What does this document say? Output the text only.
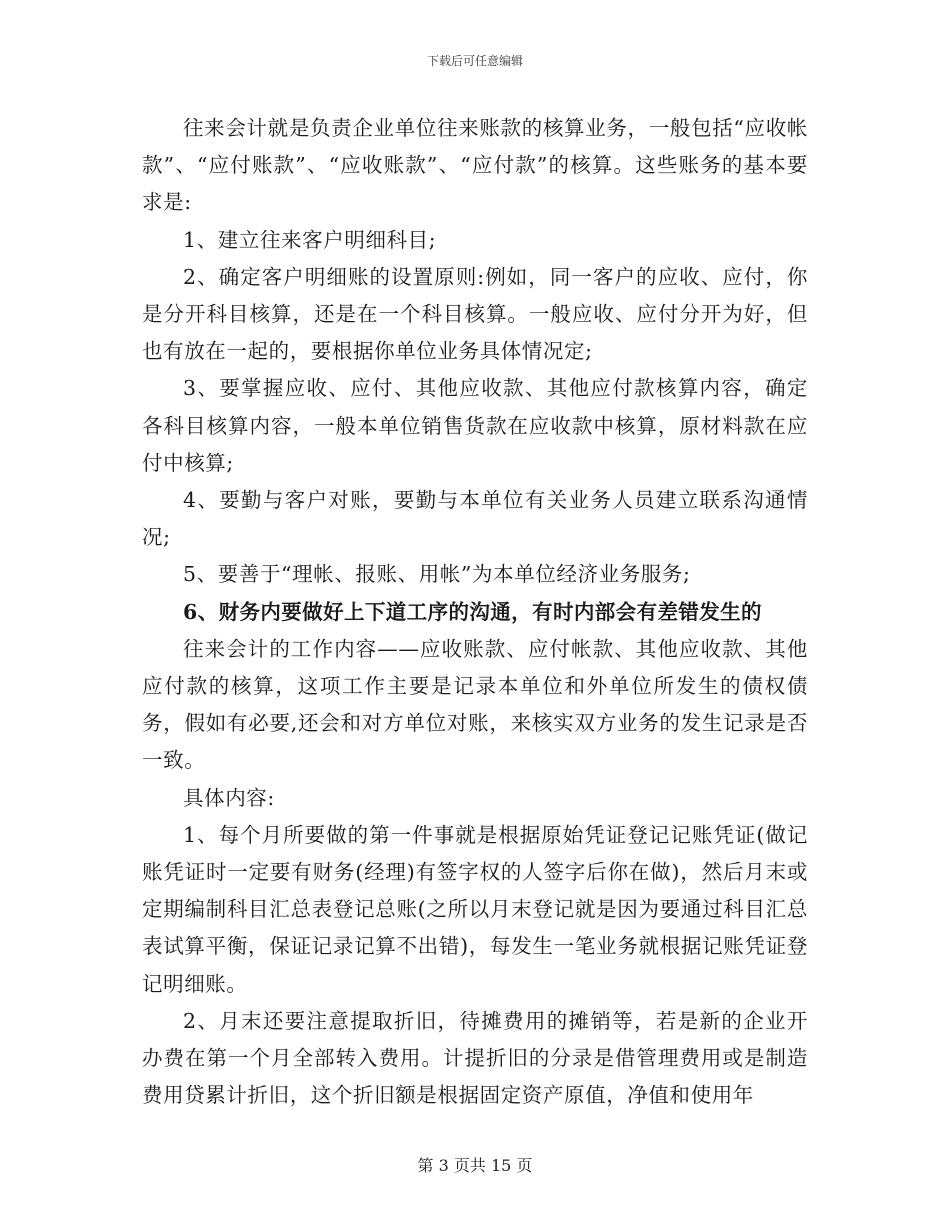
下载后可任意编辑

往来会计就是负责企业单位往来账款的核算业务，一般包括“应收帐款”、“应付账款”、“应收账款”、“应付款”的核算。这些账务的基本要求是:

1、建立往来客户明细科目;

2、确定客户明细账的设置原则:例如，同一客户的应收、应付，你是分开科目核算，还是在一个科目核算。一般应收、应付分开为好，但也有放在一起的，要根据你单位业务具体情况定;

3、要掌握应收、应付、其他应收款、其他应付款核算内容，确定各科目核算内容，一般本单位销售货款在应收款中核算，原材料款在应付中核算;

4、要勤与客户对账，要勤与本单位有关业务人员建立联系沟通情况;

5、要善于“理帐、报账、用帐”为本单位经济业务服务;

6、财务内要做好上下道工序的沟通，有时内部会有差错发生的

往来会计的工作内容——应收账款、应付帐款、其他应收款、其他应付款的核算，这项工作主要是记录本单位和外单位所发生的债权债务，假如有必要,还会和对方单位对账，来核实双方业务的发生记录是否一致。

具体内容:

1、每个月所要做的第一件事就是根据原始凭证登记记账凭证(做记账凭证时一定要有财务(经理)有签字权的人签字后你在做)，然后月末或定期编制科目汇总表登记总账(之所以月末登记就是因为要通过科目汇总表试算平衡，保证记录记算不出错)，每发生一笔业务就根据记账凭证登记明细账。

2、月末还要注意提取折旧，待摊费用的摊销等，若是新的企业开办费在第一个月全部转入费用。计提折旧的分录是借管理费用或是制造费用贷累计折旧，这个折旧额是根据固定资产原值，净值和使用年

第 3 页共 15 页
